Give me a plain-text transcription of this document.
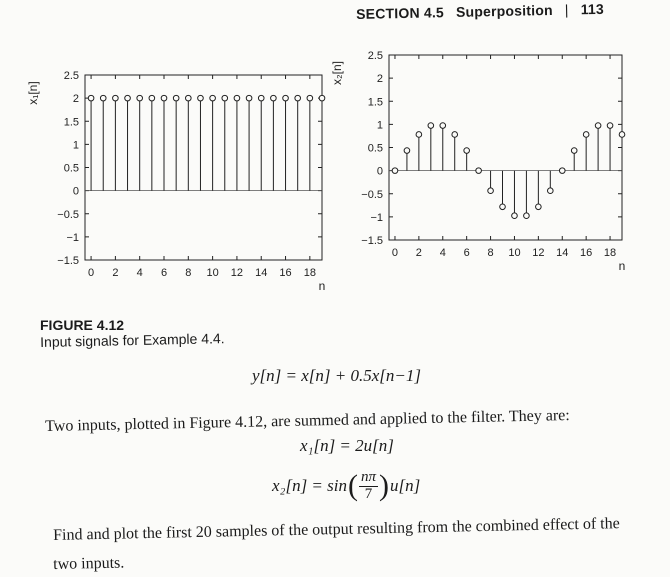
SECTION 4.5 Superposition | 113
−1.5
−1
−0.5
0
0.5
1
1.5
2
2.5
0 2 4 6 8 10 12 14 16 18
n
x₁[n]
−1.5
−1
−0.5
0
0.5
1
1.5
2
2.5
0 2 4 6 8 10 12 14 16 18
n
x₂[n]
FIGURE 4.12
Input signals for Example 4.4.
y[n] = x[n] + 0.5x[n−1]
Two inputs, plotted in Figure 4.12, are summed and applied to the filter. They are:
x₁[n] = 2u[n]
x₂[n] = sin ( $\frac{n\pi}{7}$ ) u[n]
Find and plot the first 20 samples of the output resulting from the combined effect of the
two inputs.
